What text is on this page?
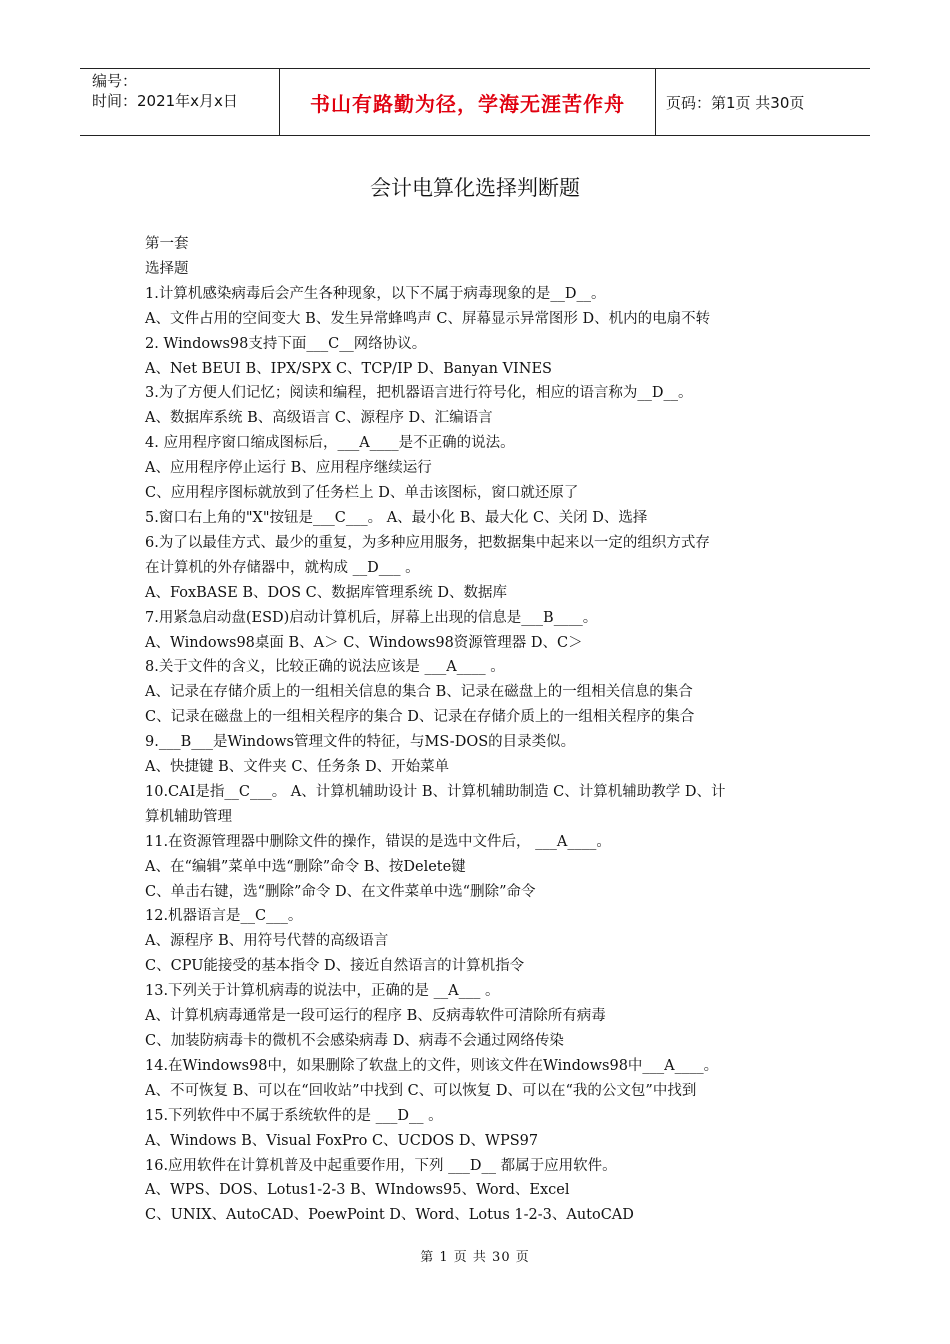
编号：
时间：2021年x月x日	书山有路勤为径，学海无涯苦作舟	页码：第1页 共30页
会计电算化选择判断题
第一套
选择题
1.计算机感染病毒后会产生各种现象，以下不属于病毒现象的是__D__。
A、文件占用的空间变大 B、发生异常蜂鸣声 C、屏幕显示异常图形 D、机内的电扇不转
2. Windows98支持下面___C__网络协议。
A、Net BEUI B、IPX/SPX C、TCP/IP D、Banyan VINES
3.为了方便人们记忆；阅读和编程，把机器语言进行符号化，相应的语言称为__D__。
A、数据库系统 B、高级语言 C、源程序 D、汇编语言
4. 应用程序窗口缩成图标后，___A____是不正确的说法。
A、应用程序停止运行 B、应用程序继续运行
C、应用程序图标就放到了任务栏上 D、单击该图标，窗口就还原了
5.窗口右上角的"X"按钮是___C___。 A、最小化 B、最大化 C、关闭 D、选择
6.为了以最佳方式、最少的重复，为多种应用服务，把数据集中起来以一定的组织方式存
在计算机的外存储器中，就构成 __D___ 。
A、FoxBASE B、DOS C、数据库管理系统 D、数据库
7.用紧急启动盘(ESD)启动计算机后，屏幕上出现的信息是___B____。
A、Windows98桌面 B、A＞ C、Windows98资源管理器 D、C＞
8.关于文件的含义，比较正确的说法应该是 ___A____ 。
A、记录在存储介质上的一组相关信息的集合 B、记录在磁盘上的一组相关信息的集合
C、记录在磁盘上的一组相关程序的集合 D、记录在存储介质上的一组相关程序的集合
9.___B___是Windows管理文件的特征，与MS-DOS的目录类似。
A、快捷键 B、文件夹 C、任务条 D、开始菜单
10.CAI是指__C___。 A、计算机辅助设计 B、计算机辅助制造 C、计算机辅助教学 D、计
算机辅助管理
11.在资源管理器中删除文件的操作，错误的是选中文件后， ___A____。
A、在“编辑”菜单中选“删除”命令 B、按Delete键
C、单击右键，选“删除”命令 D、在文件菜单中选“删除”命令
12.机器语言是__C___。
A、源程序 B、用符号代替的高级语言
C、CPU能接受的基本指令 D、接近自然语言的计算机指令
13.下列关于计算机病毒的说法中，正确的是 __A___ 。
A、计算机病毒通常是一段可运行的程序 B、反病毒软件可清除所有病毒
C、加装防病毒卡的微机不会感染病毒 D、病毒不会通过网络传染
14.在Windows98中，如果删除了软盘上的文件，则该文件在Windows98中___A____。
A、不可恢复 B、可以在“回收站”中找到 C、可以恢复 D、可以在“我的公文包”中找到
15.下列软件中不属于系统软件的是 ___D__ 。
A、Windows B、Visual FoxPro C、UCDOS D、WPS97
16.应用软件在计算机普及中起重要作用，下列 ___D__ 都属于应用软件。
A、WPS、DOS、Lotus1-2-3 B、WIndows95、Word、Excel
C、UNIX、AutoCAD、PoewPoint D、Word、Lotus 1-2-3、AutoCAD
第 1 页 共 30 页
